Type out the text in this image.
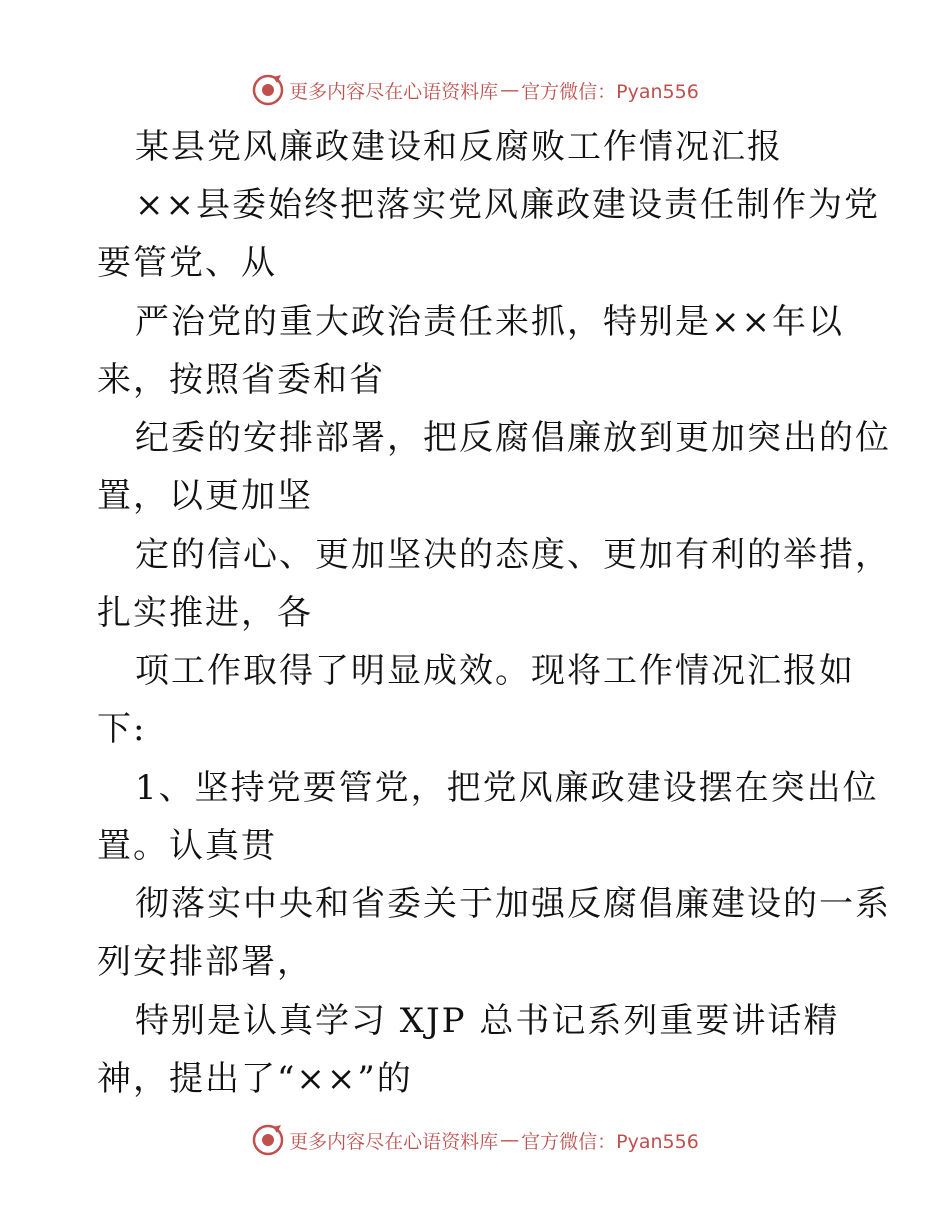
更多内容尽在心语资料库 — 官方微信：Pyan556
某县党风廉政建设和反腐败工作情况汇报
××县委始终把落实党风廉政建设责任制作为党
要管党、从
严治党的重大政治责任来抓，特别是××年以
来，按照省委和省
纪委的安排部署，把反腐倡廉放到更加突出的位
置，以更加坚
定的信心、更加坚决的态度、更加有利的举措，
扎实推进，各
项工作取得了明显成效。现将工作情况汇报如
下:
1、坚持党要管党，把党风廉政建设摆在突出位
置。认真贯
彻落实中央和省委关于加强反腐倡廉建设的一系
列安排部署，
特别是认真学习 XJP 总书记系列重要讲话精
神，提出了“××”的
更多内容尽在心语资料库 — 官方微信：Pyan556
